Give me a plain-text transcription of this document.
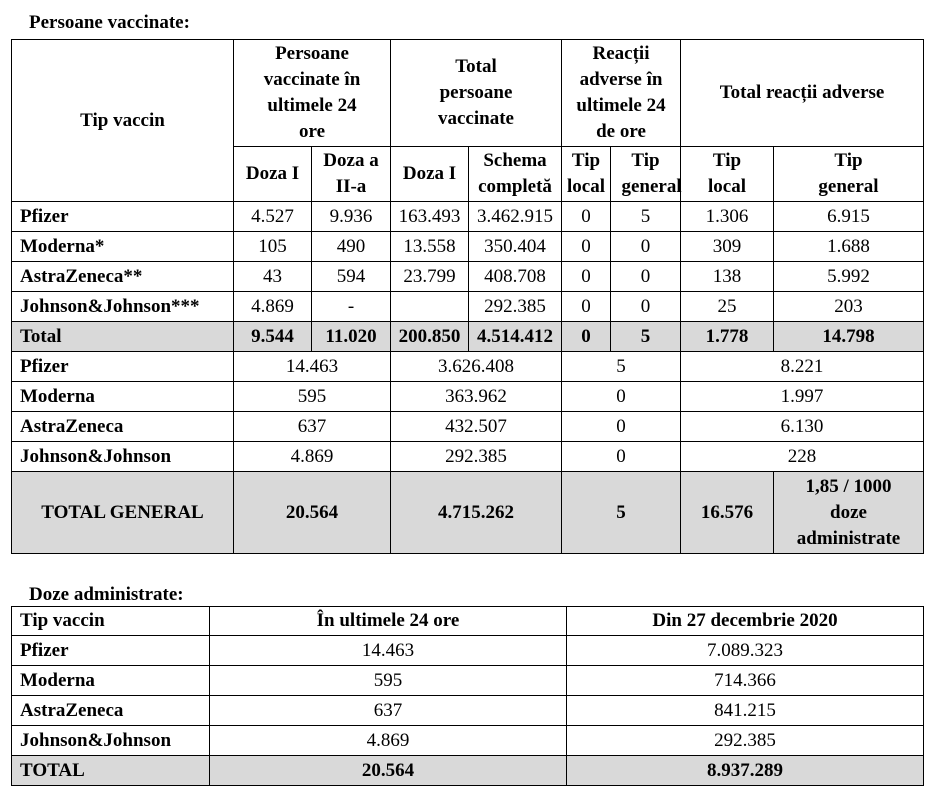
Persoane vaccinate:
Tip vaccin	Persoane vaccinate în ultimele 24 ore		Total persoane vaccinate		Reacții adverse în ultimele 24 de ore		Total reacții adverse	
	Doza I	Doza a II-a	Doza I	Schema completă	Tip local	Tip general	Tip local	Tip general

Pfizer	4.527	9.936	163.493	3.462.915	0	5	1.306	6.915
Moderna*	105	490	13.558	350.404	0	0	309	1.688
AstraZeneca**	43	594	23.799	408.708	0	0	138	5.992
Johnson&Johnson***	4.869	-		292.385	0	0	25	203
Total	9.544	11.020	200.850	4.514.412	0	5	1.778	14.798
Pfizer	14.463		3.626.408		5		8.221	
Moderna	595		363.962		0		1.997	
AstraZeneca	637		432.507		0		6.130	
Johnson&Johnson	4.869		292.385		0		228	
TOTAL GENERAL	20.564		4.715.262		5		16.576	1,85 / 1000 doze administrate
Doze administrate:
Tip vaccin	În ultimele 24 ore	Din 27 decembrie 2020
Pfizer	14.463	7.089.323
Moderna	595	714.366
AstraZeneca	637	841.215
Johnson&Johnson	4.869	292.385
TOTAL	20.564	8.937.289
